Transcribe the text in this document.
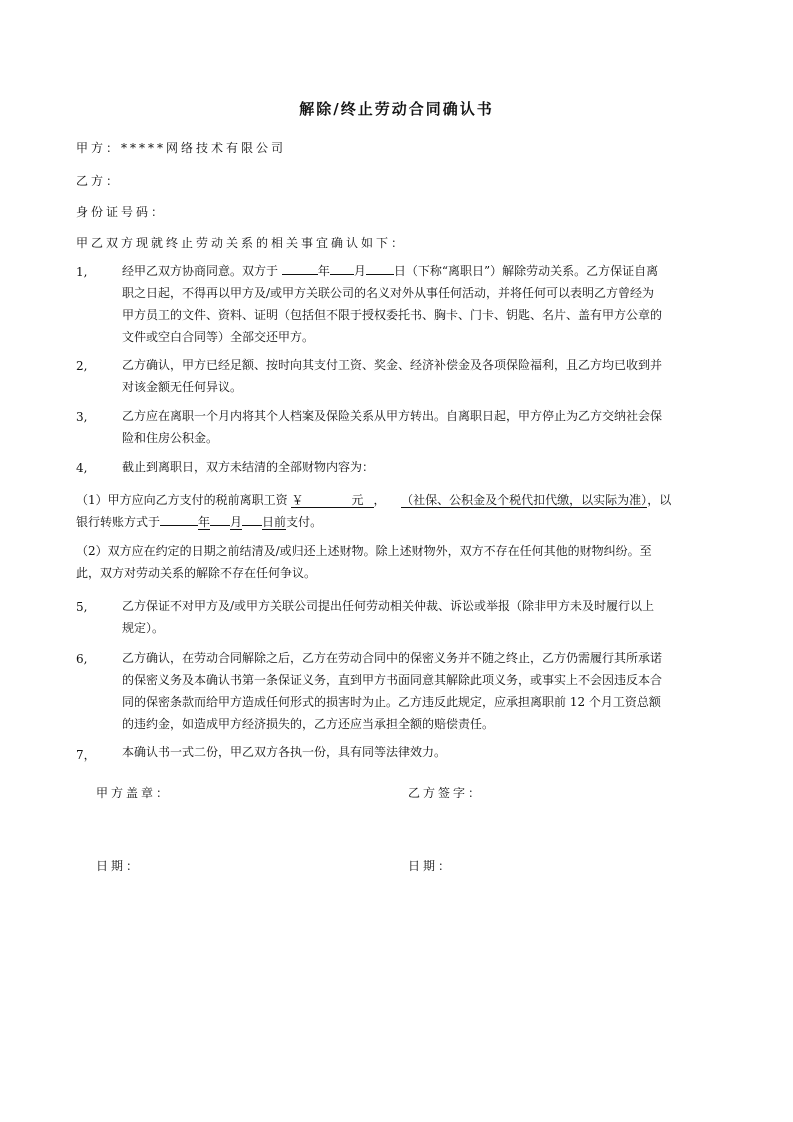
解除/终止劳动合同确认书
甲方：*****网络技术有限公司
乙方：
身份证号码：
甲乙双方现就终止劳动关系的相关事宜确认如下：
1,	经甲乙双方协商同意。双方于	年 月 日（下称“离职日”）解除劳动关系。乙方保证自离
职之日起，不得再以甲方及/或甲方关联公司的名义对外从事任何活动，并将任何可以表明乙方曾经为
甲方员工的文件、资料、证明（包括但不限于授权委托书、胸卡、门卡、钥匙、名片、盖有甲方公章的
文件或空白合同等）全部交还甲方。
2,	乙方确认，甲方已经足额、按时向其支付工资、奖金、经济补偿金及各项保险福利，且乙方均已收到并
对该金额无任何异议。
3,	乙方应在离职一个月内将其个人档案及保险关系从甲方转出。自离职日起，甲方停止为乙方交纳社会保
险和住房公积金。
4,	截止到离职日，双方未结清的全部财物内容为：
（1）甲方应向乙方支付的税前离职工资 ￥	元 ， （社保、公积金及个税代扣代缴，以实际为准），以
银行转账方式于	年 月 日前支付。
（2）双方应在约定的日期之前结清及/或归还上述财物。除上述财物外，双方不存在任何其他的财物纠纷。至
此，双方对劳动关系的解除不存在任何争议。
5,	乙方保证不对甲方及/或甲方关联公司提出任何劳动相关仲裁、诉讼或举报（除非甲方未及时履行以上
规定）。
6,	乙方确认，在劳动合同解除之后，乙方在劳动合同中的保密义务并不随之终止，乙方仍需履行其所承诺
的保密义务及本确认书第一条保证义务，直到甲方书面同意其解除此项义务，或事实上不会因违反本合
同的保密条款而给甲方造成任何形式的损害时为止。乙方违反此规定，应承担离职前 12 个月工资总额
的违约金，如造成甲方经济损失的，乙方还应当承担全额的赔偿责任。
7， 本确认书一式二份，甲乙双方各执一份，具有同等法律效力。
甲方盖章：	乙方签字：
日期：	日期：
